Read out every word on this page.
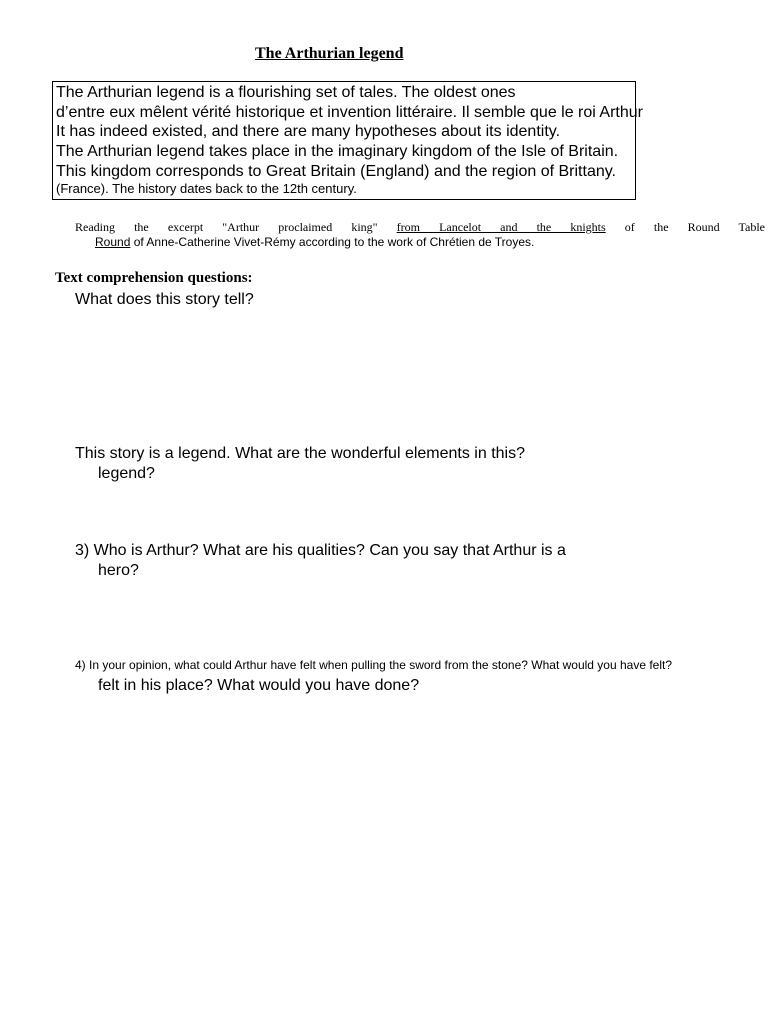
The Arthurian legend
The Arthurian legend is a flourishing set of tales. The oldest ones
d’entre eux mêlent vérité historique et invention littéraire. Il semble que le roi Arthur
It has indeed existed, and there are many hypotheses about its identity.
The Arthurian legend takes place in the imaginary kingdom of the Isle of Britain.
This kingdom corresponds to Great Britain (England) and the region of Brittany.
(France). The history dates back to the 12th century.
Reading the excerpt "Arthur proclaimed king" from Lancelot and the knights of the Round Table
Round of Anne-Catherine Vivet-Rémy according to the work of Chrétien de Troyes.
Text comprehension questions:
What does this story tell?
This story is a legend. What are the wonderful elements in this?
legend?
3) Who is Arthur? What are his qualities? Can you say that Arthur is a
hero?
4) In your opinion, what could Arthur have felt when pulling the sword from the stone? What would you have felt?
felt in his place? What would you have done?
